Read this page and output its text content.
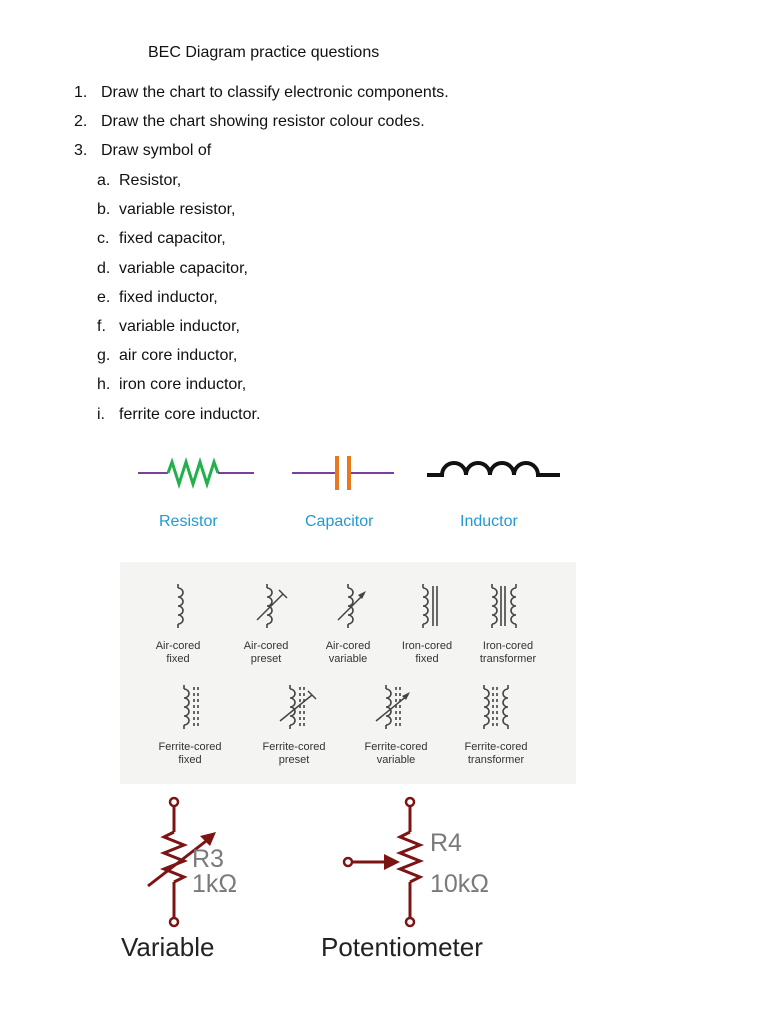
BEC Diagram practice questions
1. Draw the chart to classify electronic components.
2. Draw the chart showing resistor colour codes.
3. Draw symbol of
a. Resistor,
b. variable resistor,
c. fixed capacitor,
d. variable capacitor,
e. fixed inductor,
f. variable inductor,
g. air core inductor,
h. iron core inductor,
i. ferrite core inductor.
Resistor	Capacitor	Inductor
Air-cored
fixed
Air-cored
preset
Air-cored
variable
Iron-cored
fixed
Iron-cored
transformer
Ferrite-cored
fixed
Ferrite-cored
preset
Ferrite-cored
variable
Ferrite-cored
transformer
R3
1kΩ
R4
10kΩ
Variable	Potentiometer
